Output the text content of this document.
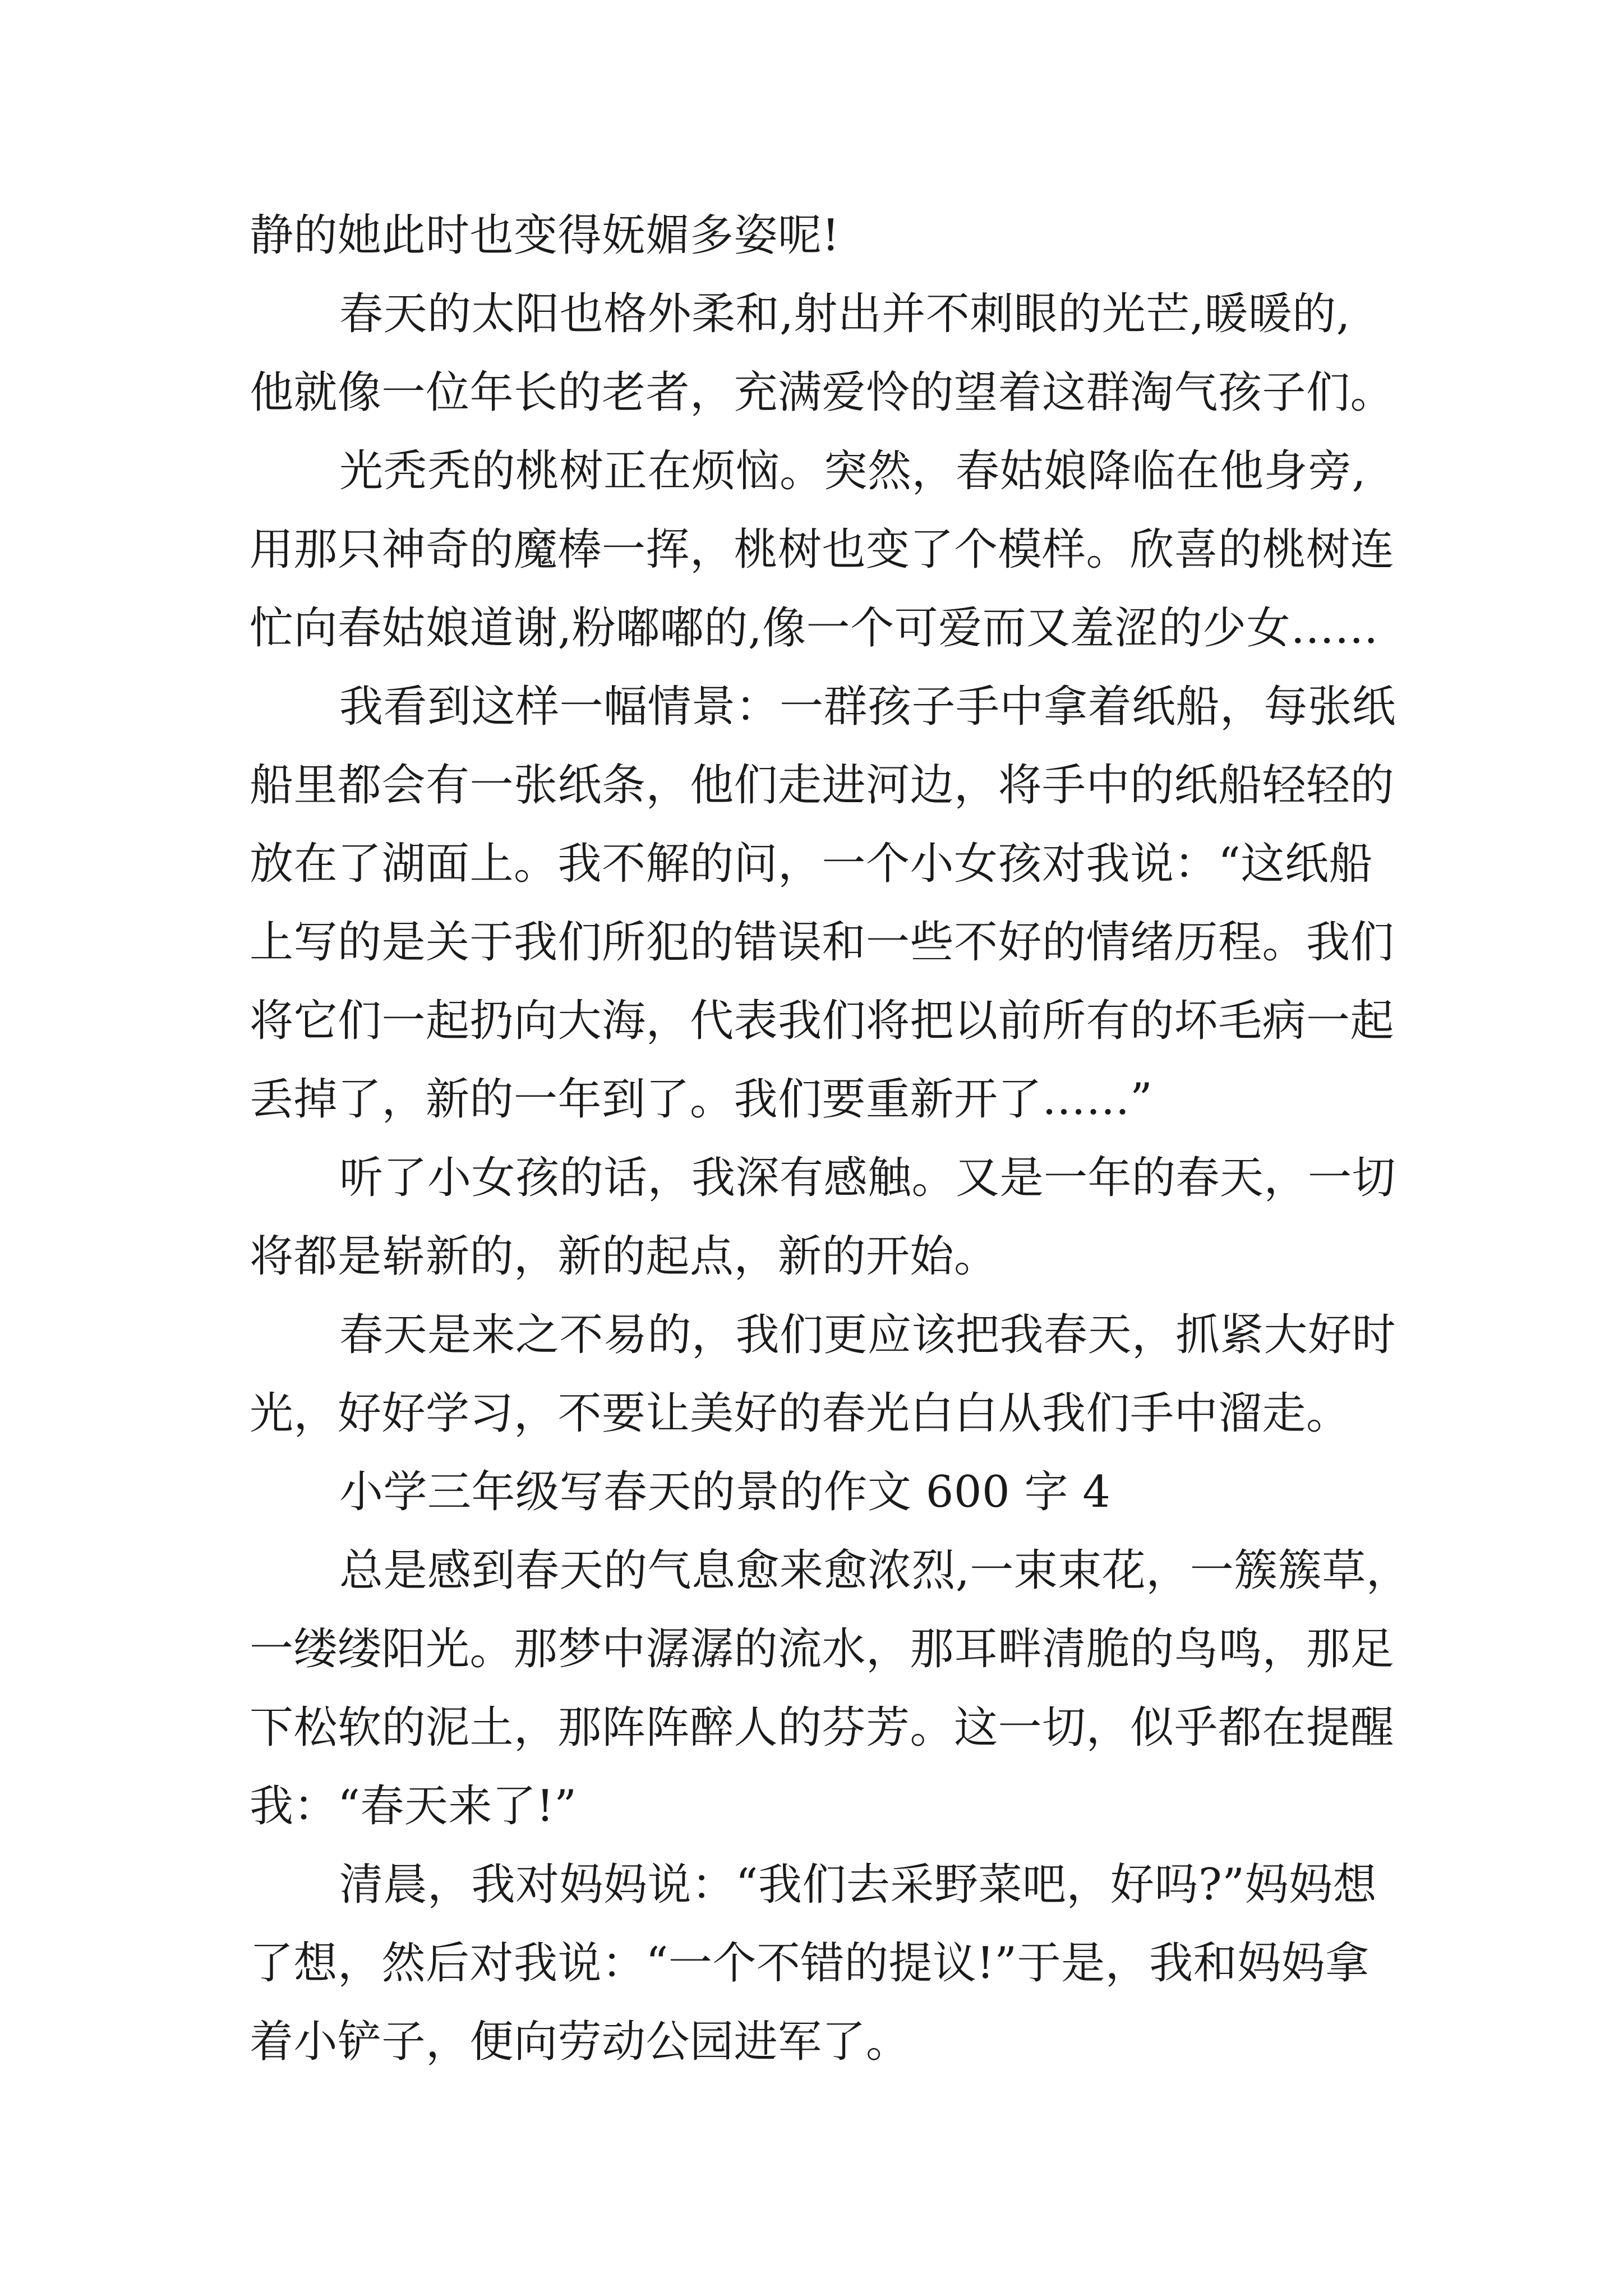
静的她此时也变得妩媚多姿呢!
春天的太阳也格外柔和,射出并不刺眼的光芒,暖暖的,
他就像一位年长的老者，充满爱怜的望着这群淘气孩子们。
光秃秃的桃树正在烦恼。突然，春姑娘降临在他身旁,
用那只神奇的魔棒一挥，桃树也变了个模样。欣喜的桃树连
忙向春姑娘道谢,粉嘟嘟的,像一个可爱而又羞涩的少女……
我看到这样一幅情景：一群孩子手中拿着纸船，每张纸
船里都会有一张纸条，他们走进河边，将手中的纸船轻轻的
放在了湖面上。我不解的问，一个小女孩对我说：“这纸船
上写的是关于我们所犯的错误和一些不好的情绪历程。我们
将它们一起扔向大海，代表我们将把以前所有的坏毛病一起
丢掉了，新的一年到了。我们要重新开了……”
听了小女孩的话，我深有感触。又是一年的春天，一切
将都是崭新的，新的起点，新的开始。
春天是来之不易的，我们更应该把我春天，抓紧大好时
光，好好学习，不要让美好的春光白白从我们手中溜走。
小学三年级写春天的景的作文 600 字 4
总是感到春天的气息愈来愈浓烈,一束束花，一簇簇草，
一缕缕阳光。那梦中潺潺的流水，那耳畔清脆的鸟鸣，那足
下松软的泥土，那阵阵醉人的芬芳。这一切，似乎都在提醒
我：“春天来了!”
清晨，我对妈妈说：“我们去采野菜吧，好吗?”妈妈想
了想，然后对我说：“一个不错的提议!”于是，我和妈妈拿
着小铲子，便向劳动公园进军了。
